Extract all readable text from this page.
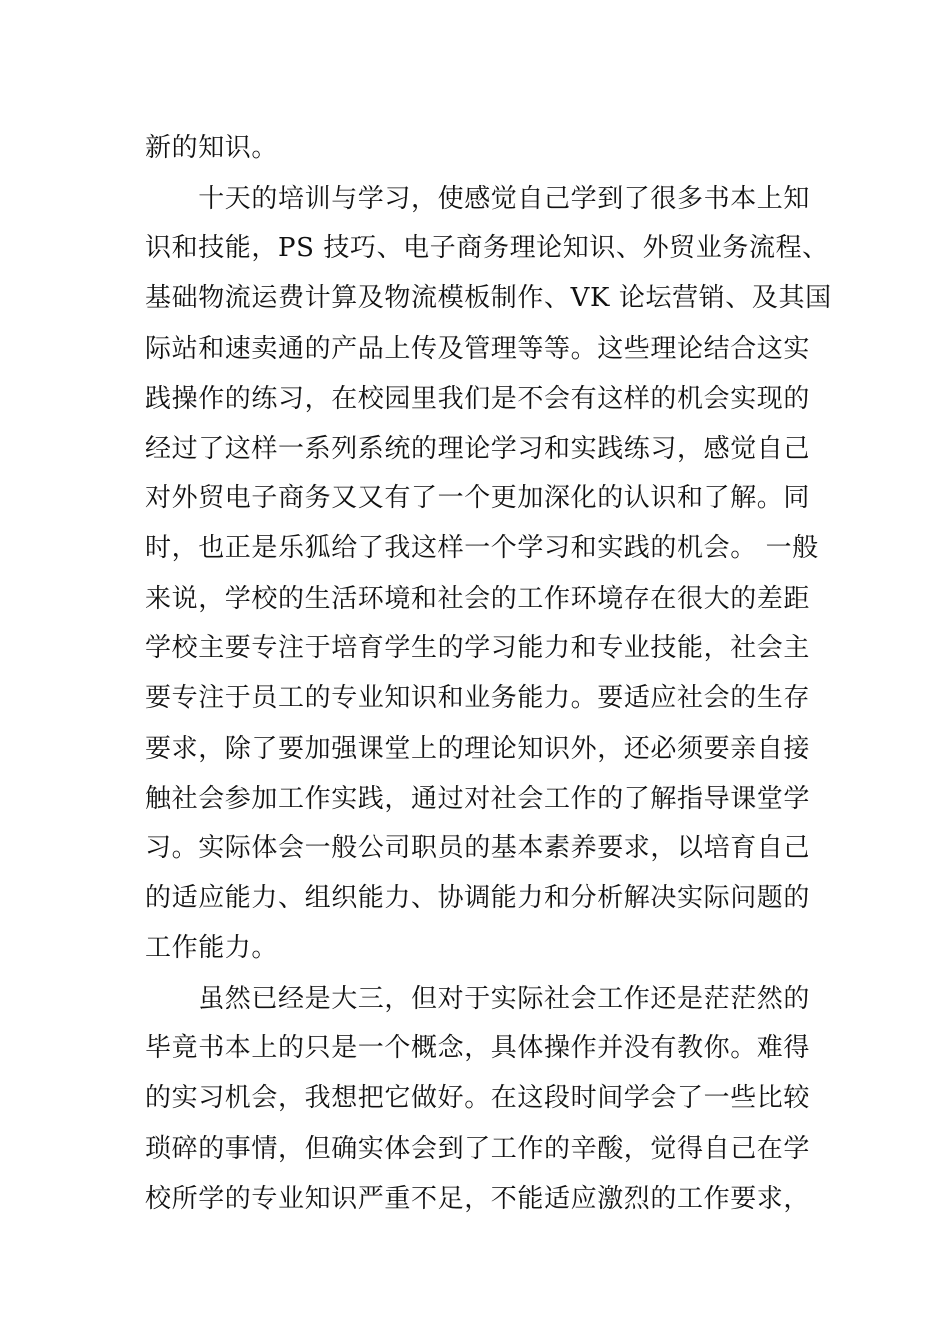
新的知识。
　　十天的培训与学习，使感觉自己学到了很多书本上知
识和技能，PS 技巧、电子商务理论知识、外贸业务流程、
基础物流运费计算及物流模板制作、VK 论坛营销、及其国
际站和速卖通的产品上传及管理等等。这些理论结合这实
践操作的练习，在校园里我们是不会有这样的机会实现的
经过了这样一系列系统的理论学习和实践练习，感觉自己
对外贸电子商务又又有了一个更加深化的认识和了解。同
时，也正是乐狐给了我这样一个学习和实践的机会。 一般
来说，学校的生活环境和社会的工作环境存在很大的差距
学校主要专注于培育学生的学习能力和专业技能，社会主
要专注于员工的专业知识和业务能力。要适应社会的生存
要求，除了要加强课堂上的理论知识外，还必须要亲自接
触社会参加工作实践，通过对社会工作的了解指导课堂学
习。实际体会一般公司职员的基本素养要求，以培育自己
的适应能力、组织能力、协调能力和分析解决实际问题的
工作能力。
　　虽然已经是大三，但对于实际社会工作还是茫茫然的
毕竟书本上的只是一个概念，具体操作并没有教你。难得
的实习机会，我想把它做好。在这段时间学会了一些比较
琐碎的事情，但确实体会到了工作的辛酸，觉得自己在学
校所学的专业知识严重不足，不能适应激烈的工作要求，
